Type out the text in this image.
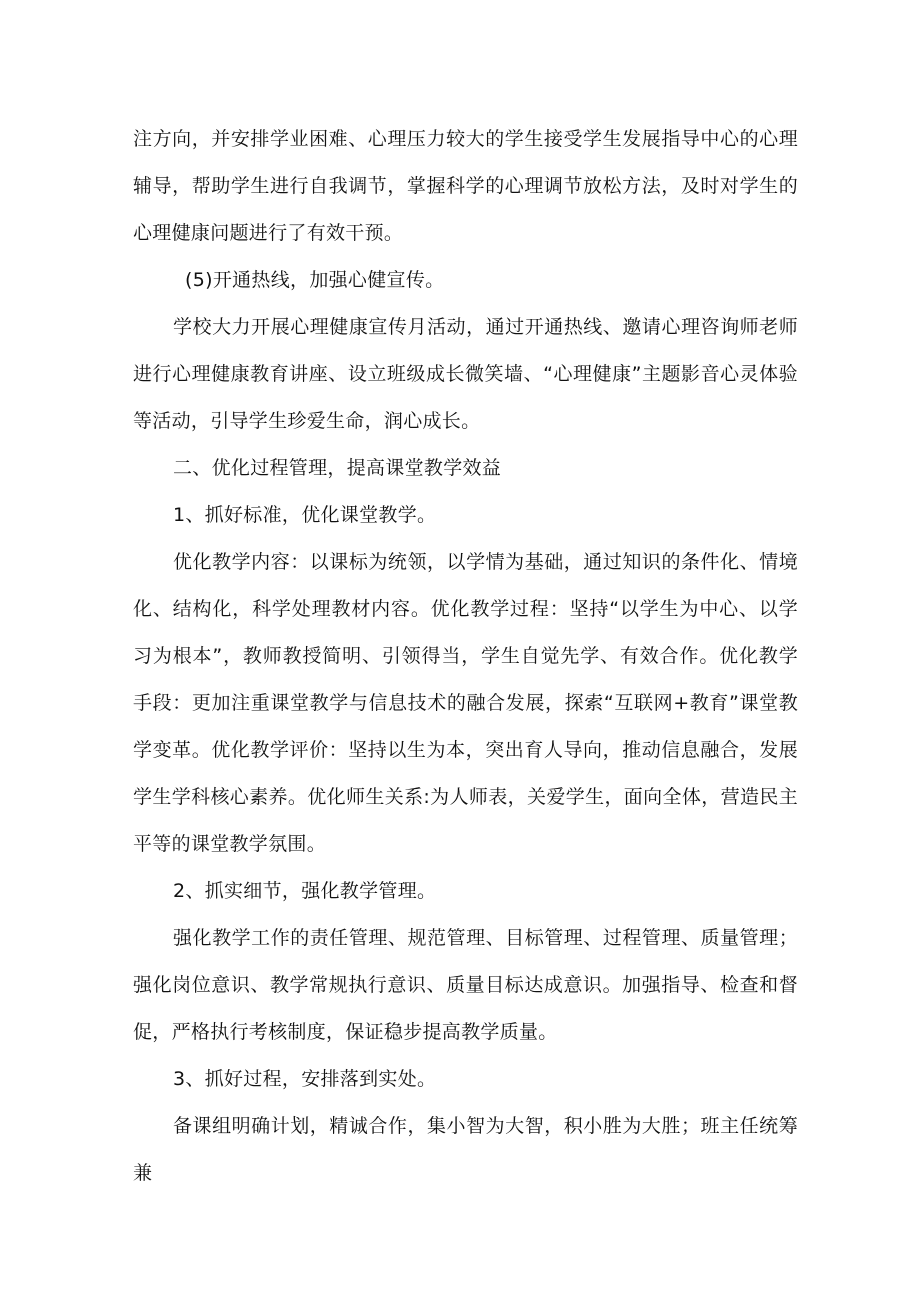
注方向，并安排学业困难、心理压力较大的学生接受学生发展指导中心的心理辅导，帮助学生进行自我调节，掌握科学的心理调节放松方法，及时对学生的心理健康问题进行了有效干预。

(5)开通热线，加强心健宣传。

学校大力开展心理健康宣传月活动，通过开通热线、邀请心理咨询师老师进行心理健康教育讲座、设立班级成长微笑墙、“心理健康”主题影音心灵体验等活动，引导学生珍爱生命，润心成长。

二、优化过程管理，提高课堂教学效益

1、抓好标准，优化课堂教学。

优化教学内容：以课标为统领，以学情为基础，通过知识的条件化、情境化、结构化，科学处理教材内容。优化教学过程：坚持“以学生为中心、以学习为根本”，教师教授简明、引领得当，学生自觉先学、有效合作。优化教学手段：更加注重课堂教学与信息技术的融合发展，探索“互联网+教育”课堂教学变革。优化教学评价：坚持以生为本，突出育人导向，推动信息融合，发展学生学科核心素养。优化师生关系:为人师表，关爱学生，面向全体，营造民主平等的课堂教学氛围。

2、抓实细节，强化教学管理。

强化教学工作的责任管理、规范管理、目标管理、过程管理、质量管理；强化岗位意识、教学常规执行意识、质量目标达成意识。加强指导、检查和督促，严格执行考核制度，保证稳步提高教学质量。

3、抓好过程，安排落到实处。

备课组明确计划，精诚合作，集小智为大智，积小胜为大胜；班主任统筹兼
